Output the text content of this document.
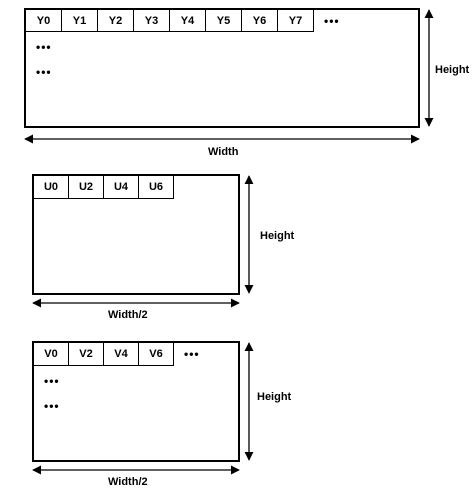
Y0	Y1	Y2	Y3	Y4	Y5	Y6	Y7	•••
•••
•••
U0	U2	U4	U6
V0	V2	V4	V6	•••
•••
•••
Width
Height
Width/2
Height
Width/2
Height
